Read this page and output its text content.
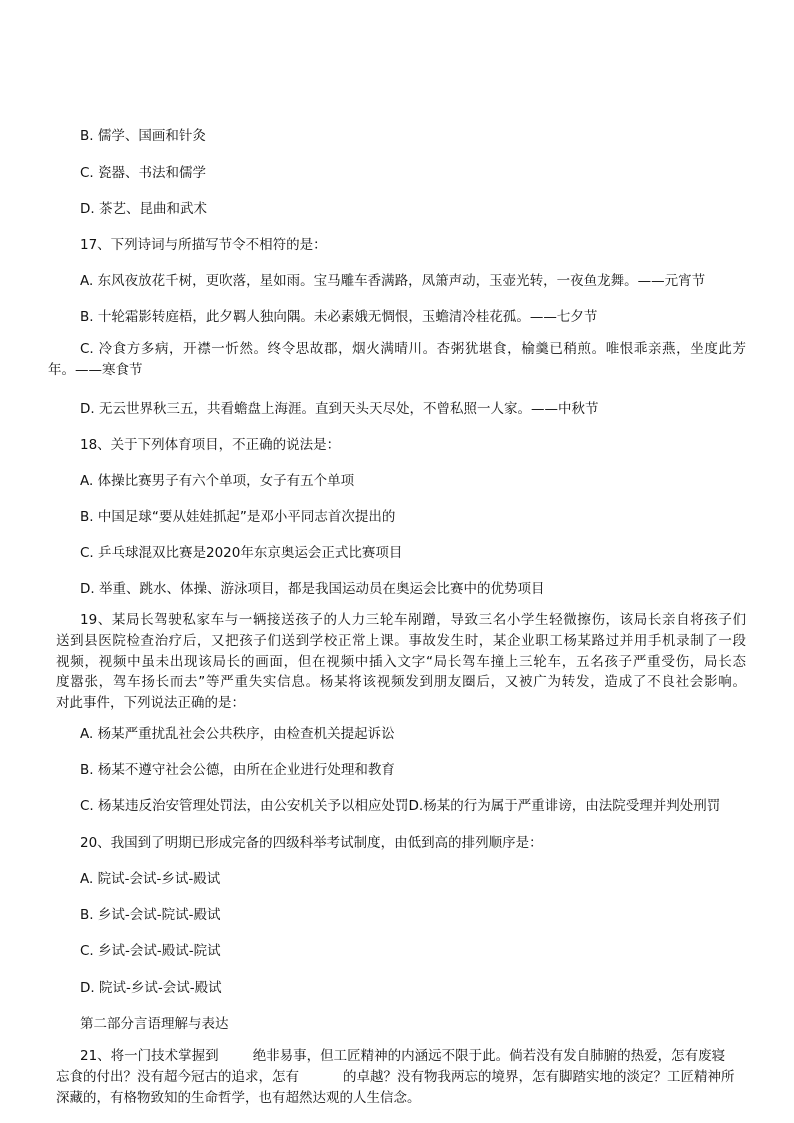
B. 儒学、国画和针灸
C. 瓷器、书法和儒学
D. 茶艺、昆曲和武术
17、下列诗词与所描写节令不相符的是：
A. 东风夜放花千树，更吹落，星如雨。宝马雕车香满路，凤箫声动，玉壶光转，一夜鱼龙舞。——元宵节
B. 十轮霜影转庭梧，此夕羁人独向隅。未必素娥无惆恨，玉蟾清冷桂花孤。——七夕节
C. 冷食方多病，开襟一忻然。终令思故郡，烟火满晴川。杏粥犹堪食，榆羹已稍煎。唯恨乖亲燕，坐度此芳
年。——寒食节
D. 无云世界秋三五，共看蟾盘上海涯。直到天头天尽处，不曾私照一人家。——中秋节
18、关于下列体育项目，不正确的说法是：
A. 体操比赛男子有六个单项，女子有五个单项
B. 中国足球“要从娃娃抓起”是邓小平同志首次提出的
C. 乒乓球混双比赛是2020年东京奥运会正式比赛项目
D. 举重、跳水、体操、游泳项目，都是我国运动员在奥运会比赛中的优势项目
19、某局长驾驶私家车与一辆接送孩子的人力三轮车剐蹭，导致三名小学生轻微擦伤，该局长亲自将孩子们
送到县医院检查治疗后，又把孩子们送到学校正常上课。事故发生时，某企业职工杨某路过并用手机录制了一段
视频，视频中虽未出现该局长的画面，但在视频中插入文字“局长驾车撞上三轮车，五名孩子严重受伤，局长态
度嚣张，驾车扬长而去”等严重失实信息。杨某将该视频发到朋友圈后，又被广为转发，造成了不良社会影响。
对此事件，下列说法正确的是：
A. 杨某严重扰乱社会公共秩序，由检查机关提起诉讼
B. 杨某不遵守社会公德，由所在企业进行处理和教育
C. 杨某违反治安管理处罚法，由公安机关予以相应处罚D.杨某的行为属于严重诽谤，由法院受理并判处刑罚
20、我国到了明期已形成完备的四级科举考试制度，由低到高的排列顺序是：
A. 院试-会试-乡试-殿试
B. 乡试-会试-院试-殿试
C. 乡试-会试-殿试-院试
D. 院试-乡试-会试-殿试
第二部分言语理解与表达
21、将一门技术掌握到	绝非易事，但工匠精神的内涵远不限于此。倘若没有发自肺腑的热爱，怎有废寝
忘食的付出？没有超今冠古的追求，怎有	的卓越？没有物我两忘的境界，怎有脚踏实地的淡定？工匠精神所
深藏的，有格物致知的生命哲学，也有超然达观的人生信念。
